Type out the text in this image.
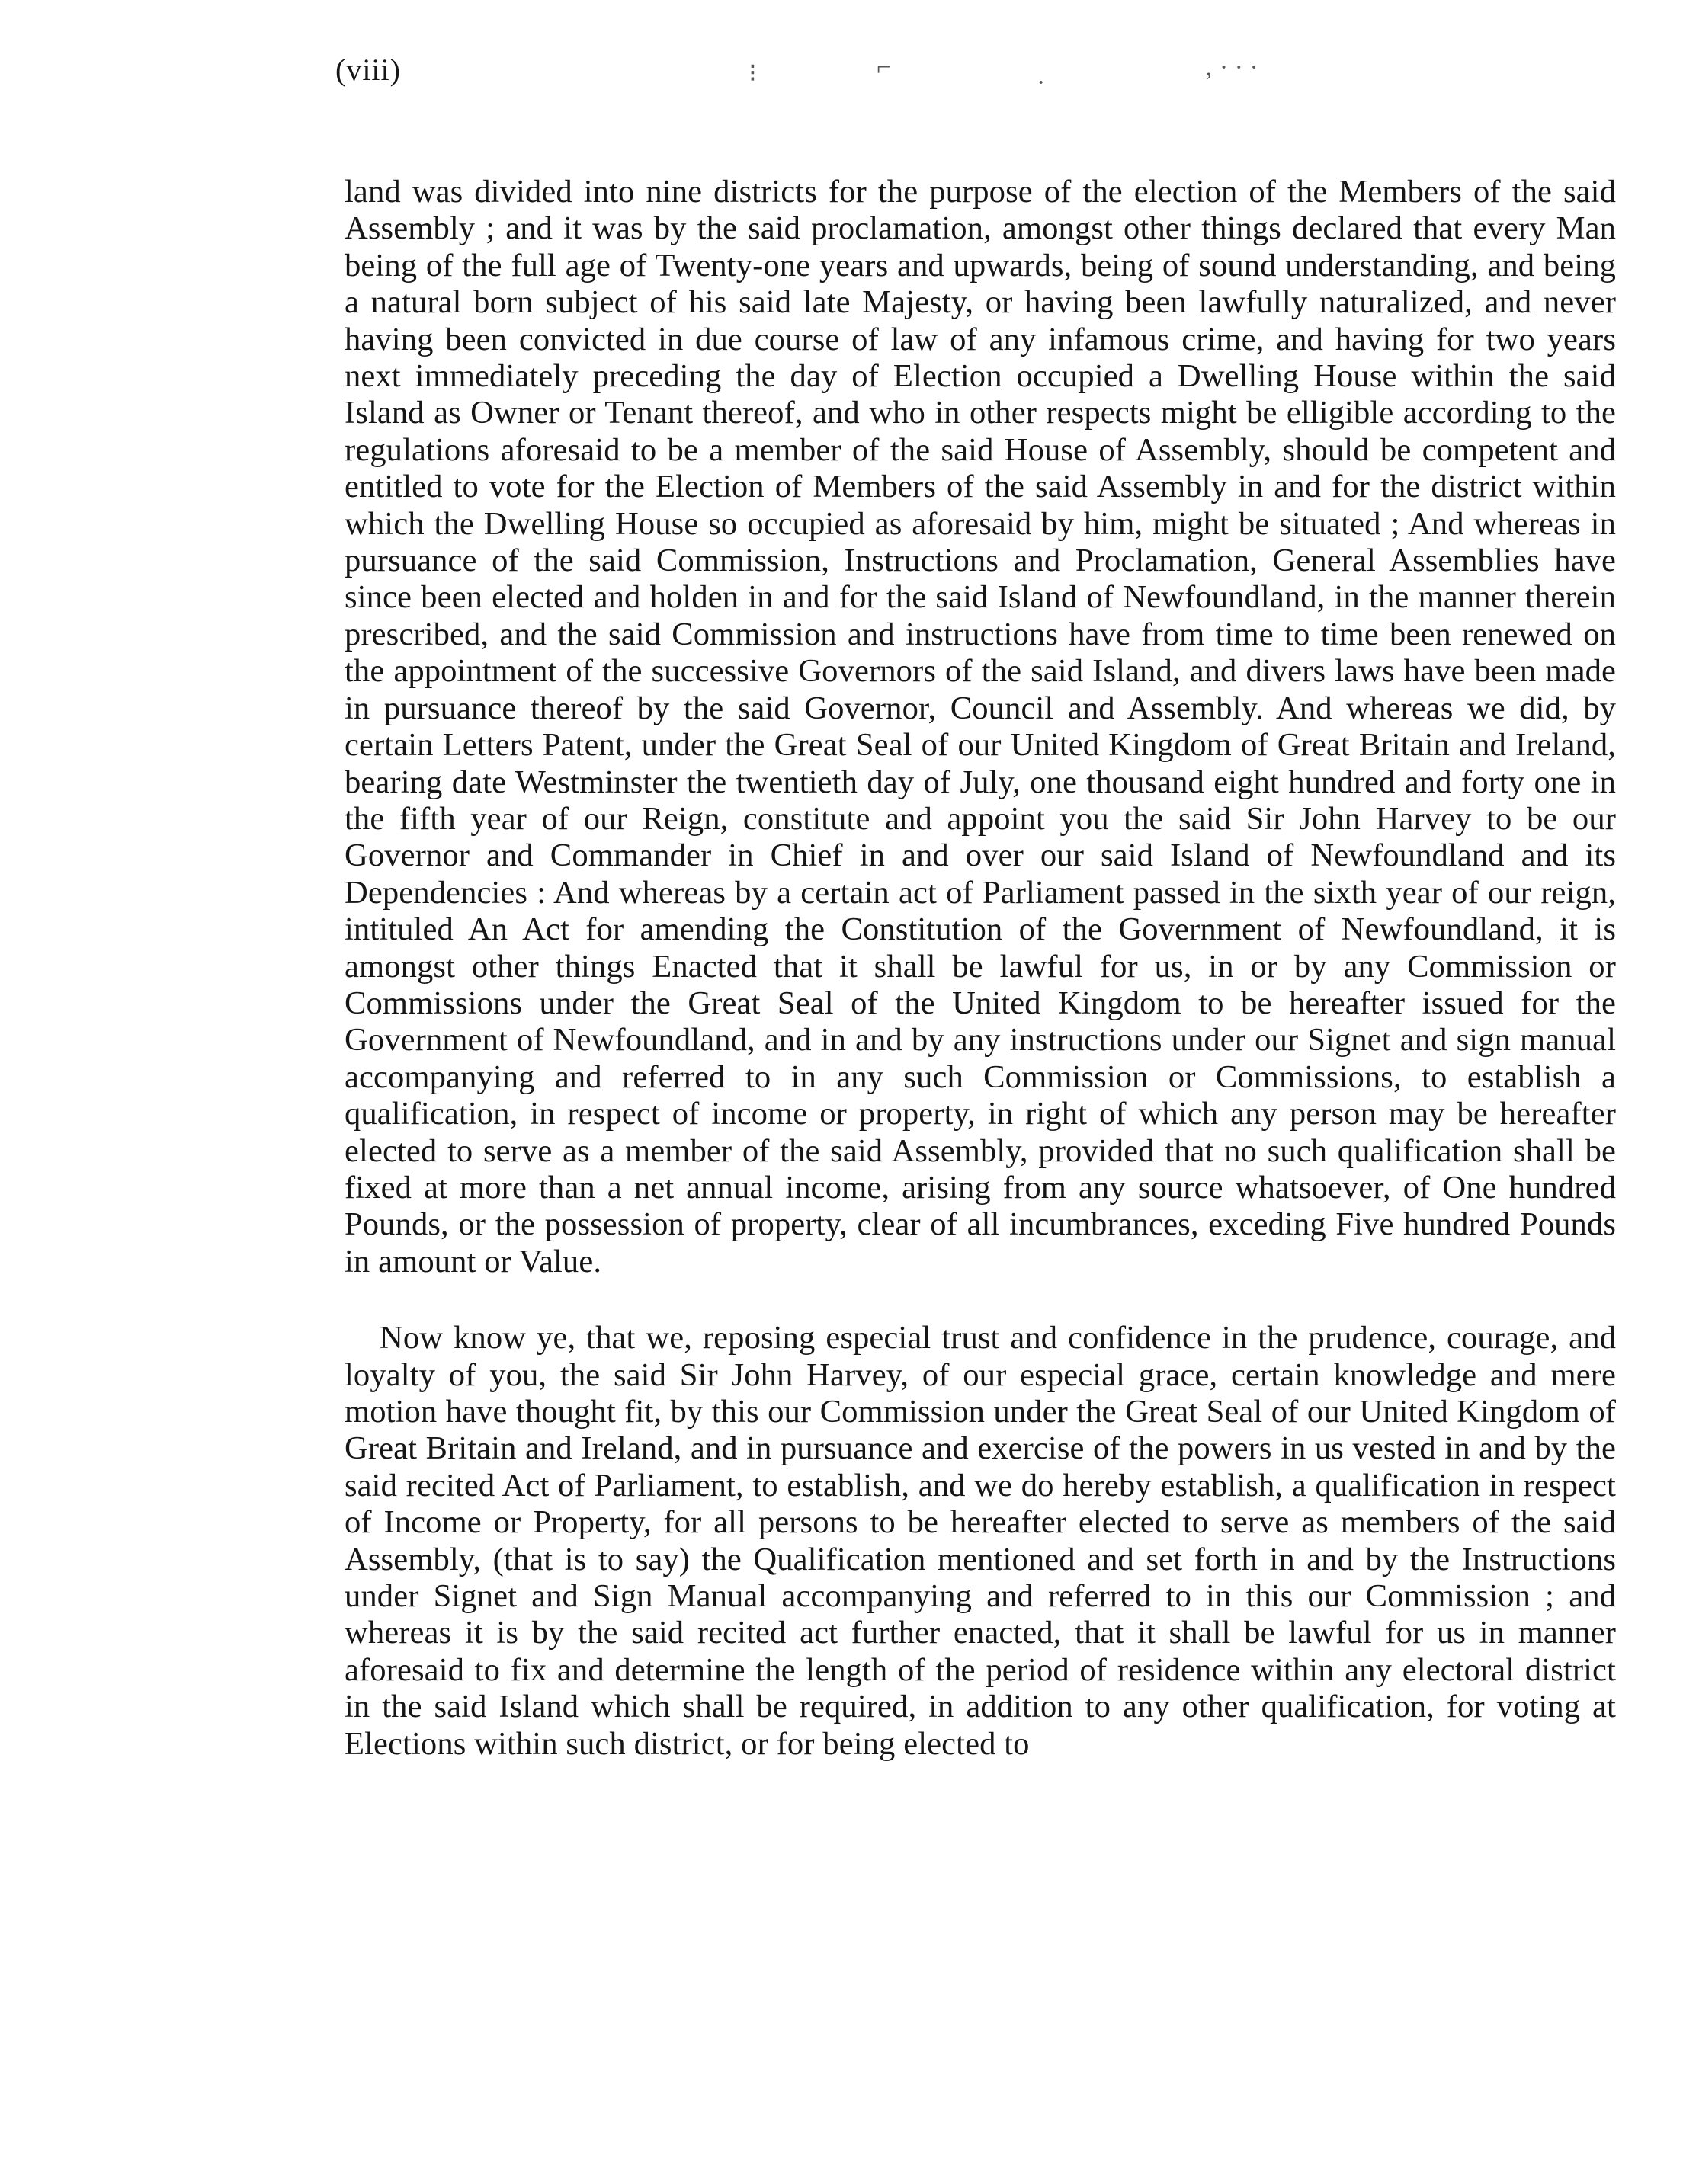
(viii)	⁝	⌐
·
‚ · · ·

land was divided into nine districts for the purpose of the election of the Members of the said Assembly ; and it was by the said proclamation, amongst other things declared that every Man being of the full age of Twenty-one years and upwards, being of sound understanding, and being a natural born subject of his said late Majesty, or having been lawfully naturalized, and never having been convicted in due course of law of any infamous crime, and having for two years next immediately preceding the day of Election occupied a Dwelling House within the said Island as Owner or Tenant thereof, and who in other respects might be elligible according to the regulations aforesaid to be a member of the said House of Assembly, should be competent and entitled to vote for the Election of Members of the said Assembly in and for the district within which the Dwelling House so occupied as aforesaid by him, might be situated ; And whereas in pursuance of the said Commission, Instructions and Proclamation, General Assemblies have since been elected and holden in and for the said Island of Newfoundland, in the manner therein prescribed, and the said Commission and instructions have from time to time been renewed on the appointment of the successive Governors of the said Island, and divers laws have been made in pursuance thereof by the said Governor, Council and Assembly. And whereas we did, by certain Letters Patent, under the Great Seal of our United Kingdom of Great Britain and Ireland, bearing date Westminster the twentieth day of July, one thousand eight hundred and forty one in the fifth year of our Reign, constitute and appoint you the said Sir John Harvey to be our Governor and Commander in Chief in and over our said Island of Newfoundland and its Dependencies : And whereas by a certain act of Parliament passed in the sixth year of our reign, intituled An Act for amending the Constitution of the Government of Newfoundland, it is amongst other things Enacted that it shall be lawful for us, in or by any Commission or Commissions under the Great Seal of the United Kingdom to be hereafter issued for the Government of Newfoundland, and in and by any instructions under our Signet and sign manual accompanying and referred to in any such Commission or Commissions, to establish a qualification, in respect of income or property, in right of which any person may be hereafter elected to serve as a member of the said Assembly, provided that no such qualification shall be fixed at more than a net annual income, arising from any source whatsoever, of One hundred Pounds, or the possession of property, clear of all incumbrances, exceding Five hundred Pounds in amount or Value.

Now know ye, that we, reposing especial trust and confidence in the prudence, courage, and loyalty of you, the said Sir John Harvey, of our especial grace, certain knowledge and mere motion have thought fit, by this our Commission under the Great Seal of our United Kingdom of Great Britain and Ireland, and in pursuance and exercise of the powers in us vested in and by the said recited Act of Parliament, to establish, and we do hereby establish, a qualification in respect of Income or Property, for all persons to be hereafter elected to serve as members of the said Assembly, (that is to say) the Qualification mentioned and set forth in and by the Instructions under Signet and Sign Manual accompanying and referred to in this our Commission ; and whereas it is by the said recited act further enacted, that it shall be lawful for us in manner aforesaid to fix and determine the length of the period of residence within any electoral district in the said Island which shall be required, in addition to any other qualification, for voting at Elections within such district, or for being elected to
